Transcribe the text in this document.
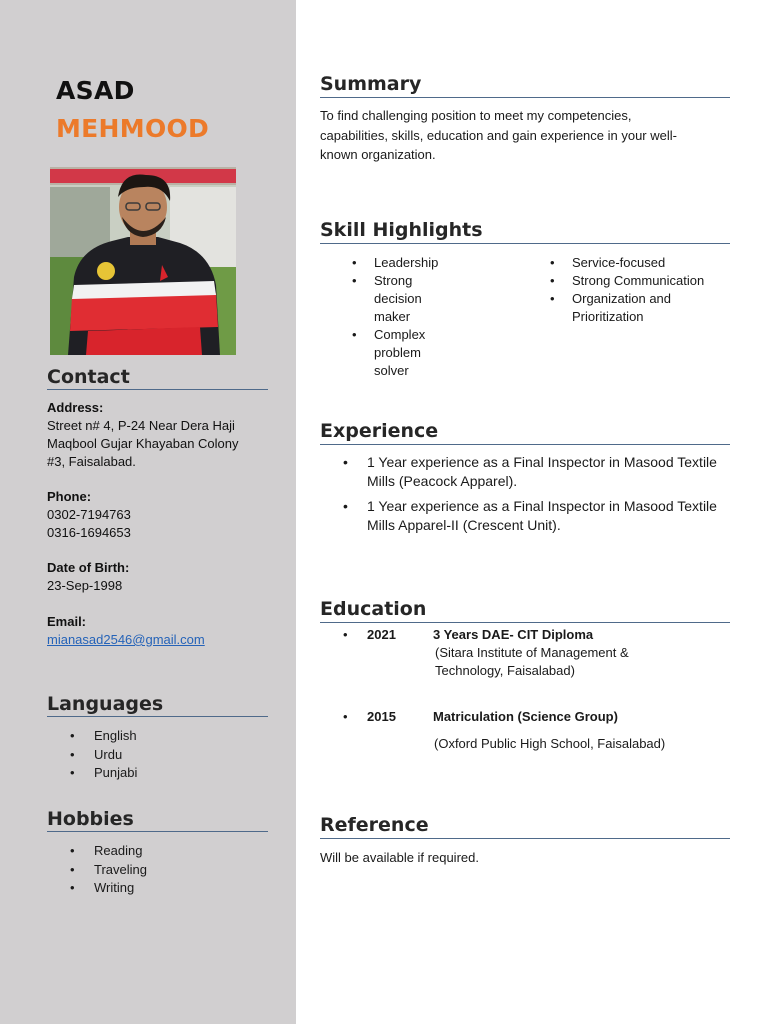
ASAD
MEHMOOD
Contact
Address:
Street n# 4, P-24 Near Dera Haji
Maqbool Gujar Khayaban Colony
#3, Faisalabad.
Phone:
0302-7194763
0316-1694653
Date of Birth:
23-Sep-1998
Email:
mianasad2546@gmail.com
Languages
• English
• Urdu
• Punjabi
Hobbies
• Reading
• Traveling
• Writing
Summary
To find challenging position to meet my competencies,
capabilities, skills, education and gain experience in your well-
known organization.
Skill Highlights
• Leadership
• Strong decision
maker
• Complex problem
solver
• Service-focused
• Strong Communication
• Organization and
Prioritization
Experience
• 1 Year experience as a Final Inspector in Masood Textile
Mills (Peacock Apparel).
• 1 Year experience as a Final Inspector in Masood Textile
Mills Apparel-II (Crescent Unit).
Education
• 2021	3 Years DAE- CIT Diploma
(Sitara Institute of Management &
Technology, Faisalabad)
• 2015	Matriculation (Science Group)
(Oxford Public High School, Faisalabad)
Reference
Will be available if required.
